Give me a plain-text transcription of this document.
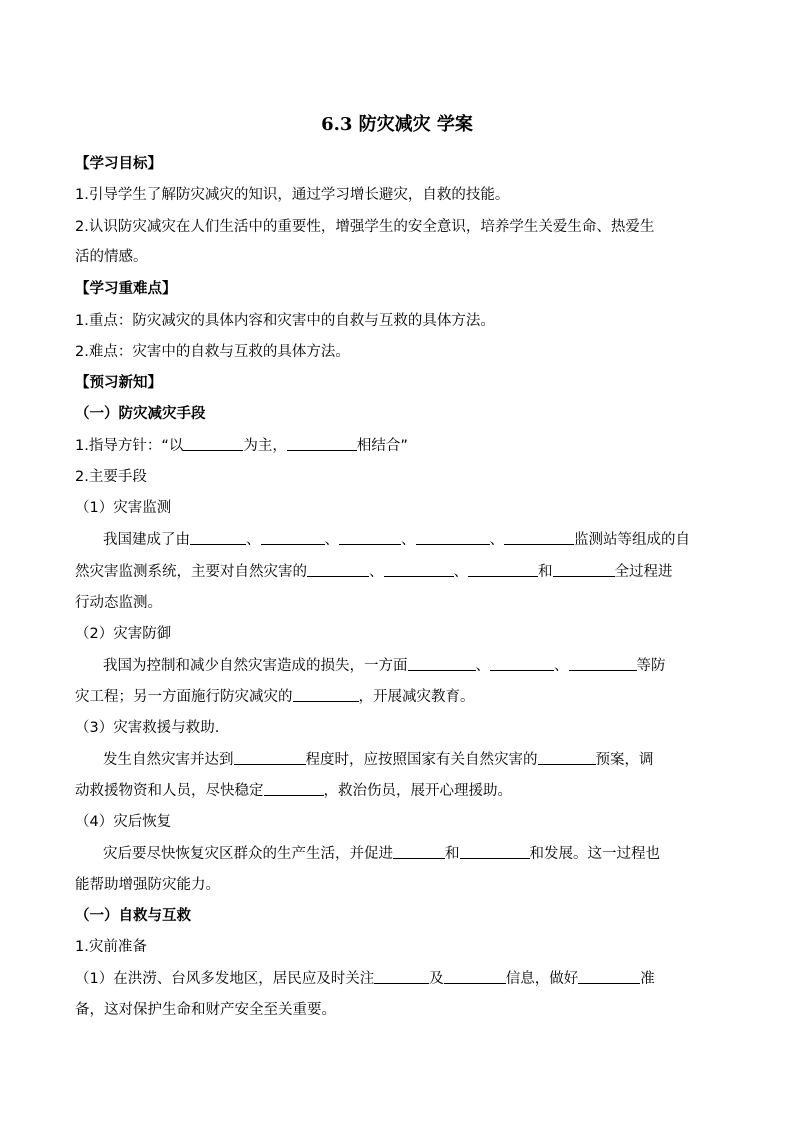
6.3 防灾减灾 学案
【学习目标】
1.引导学生了解防灾减灾的知识，通过学习增长避灾，自救的技能。
2.认识防灾减灾在人们生活中的重要性，增强学生的安全意识，培养学生关爱生命、热爱生
活的情感。
【学习重难点】
1.重点：防灾减灾的具体内容和灾害中的自救与互救的具体方法。
2.难点：灾害中的自救与互救的具体方法。
【预习新知】
（一）防灾减灾手段
1.指导方针：“以	为主，	相结合”
2.主要手段
（1）灾害监测
我国建成了由	、	、	、	、	监测站等组成的自
然灾害监测系统，主要对自然灾害的	、	、	和	全过程进
行动态监测。
（2）灾害防御
我国为控制和减少自然灾害造成的损失，一方面	、	、	等防
灾工程；另一方面施行防灾减灾的	，开展减灾教育。
（3）灾害救援与救助.
发生自然灾害并达到	程度时，应按照国家有关自然灾害的	预案，调
动救援物资和人员，尽快稳定	，救治伤员，展开心理援助。
（4）灾后恢复
灾后要尽快恢复灾区群众的生产生活，并促进	和	和发展。这一过程也
能帮助增强防灾能力。
（一）自救与互救
1.灾前准备
（1）在洪涝、台风多发地区，居民应及时关注	及	信息，做好	准
备，这对保护生命和财产安全至关重要。
